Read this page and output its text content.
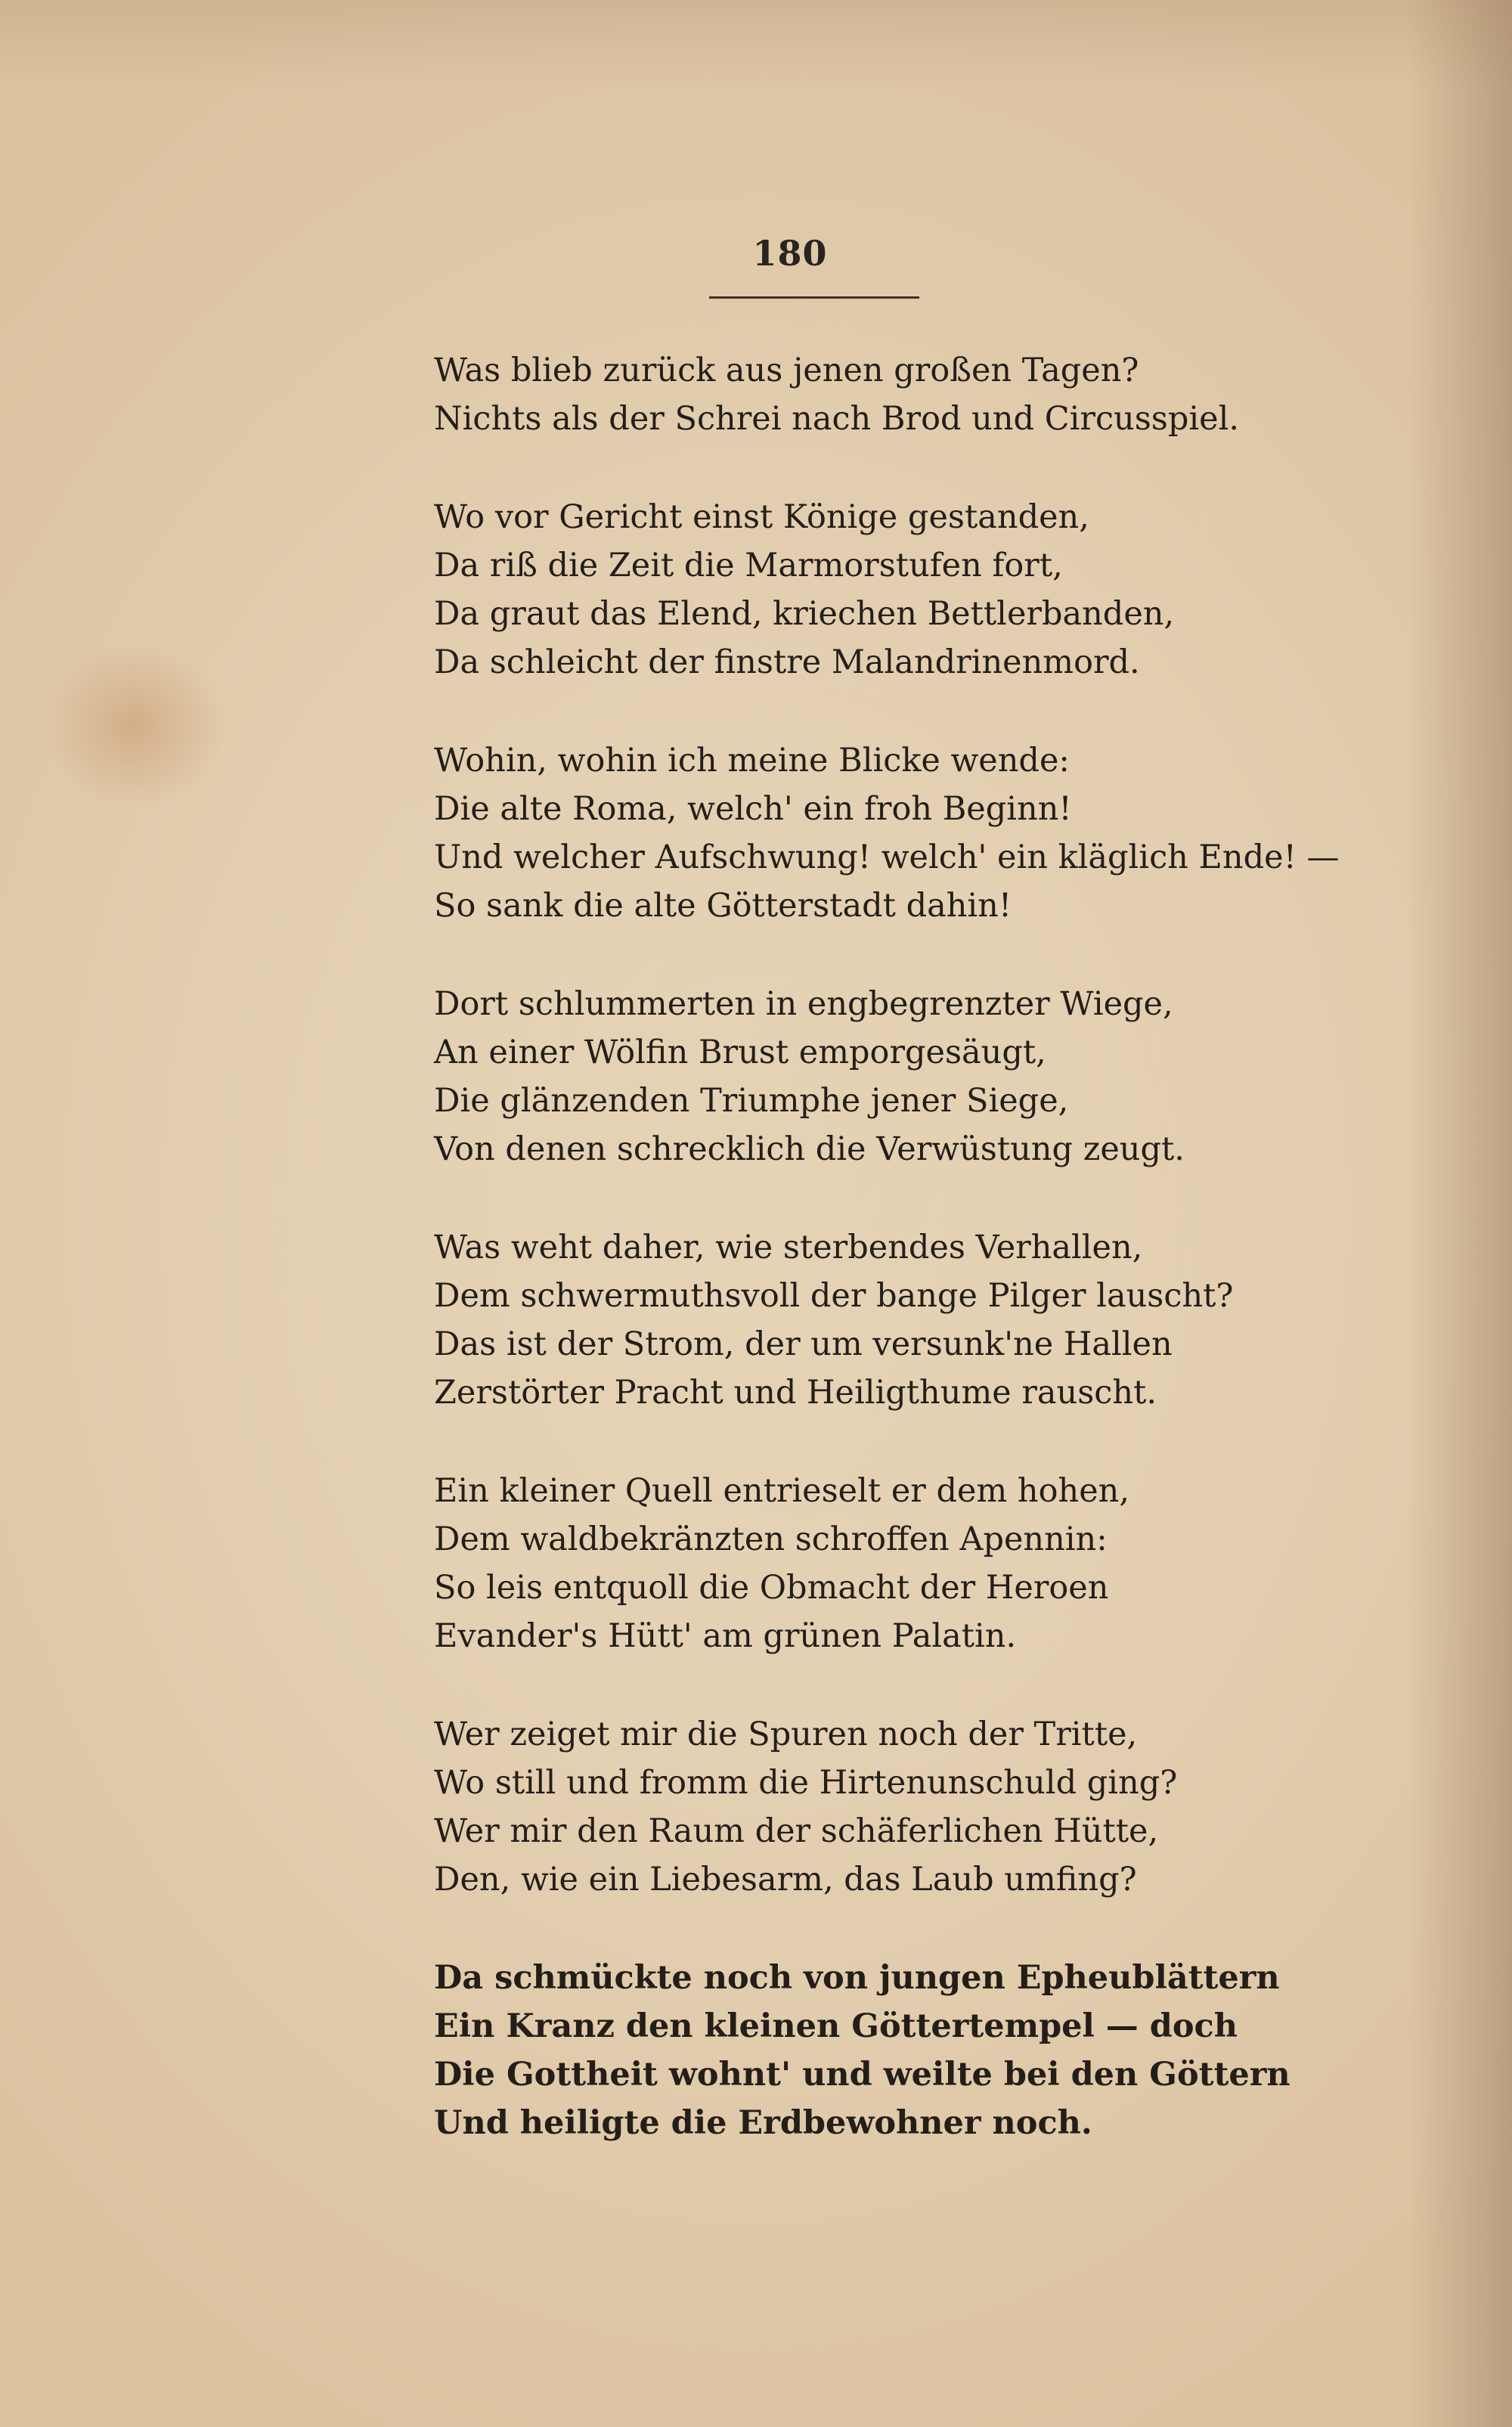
180
Was blieb zurück aus jenen großen Tagen?
Nichts als der Schrei nach Brod und Circusspiel.
Wo vor Gericht einst Könige gestanden,
Da riß die Zeit die Marmorstufen fort,
Da graut das Elend, kriechen Bettlerbanden,
Da schleicht der finstre Malandrinenmord.
Wohin, wohin ich meine Blicke wende:
Die alte Roma, welch' ein froh Beginn!
Und welcher Aufschwung! welch' ein kläglich Ende! —
So sank die alte Götterstadt dahin!
Dort schlummerten in engbegrenzter Wiege,
An einer Wölfin Brust emporgesäugt,
Die glänzenden Triumphe jener Siege,
Von denen schrecklich die Verwüstung zeugt.
Was weht daher, wie sterbendes Verhallen,
Dem schwermuthsvoll der bange Pilger lauscht?
Das ist der Strom, der um versunk'ne Hallen
Zerstörter Pracht und Heiligthume rauscht.
Ein kleiner Quell entrieselt er dem hohen,
Dem waldbekränzten schroffen Apennin:
So leis entquoll die Obmacht der Heroen
Evander's Hütt' am grünen Palatin.
Wer zeiget mir die Spuren noch der Tritte,
Wo still und fromm die Hirtenunschuld ging?
Wer mir den Raum der schäferlichen Hütte,
Den, wie ein Liebesarm, das Laub umfing?
Da schmückte noch von jungen Epheublättern
Ein Kranz den kleinen Göttertempel — doch
Die Gottheit wohnt' und weilte bei den Göttern
Und heiligte die Erdbewohner noch.
